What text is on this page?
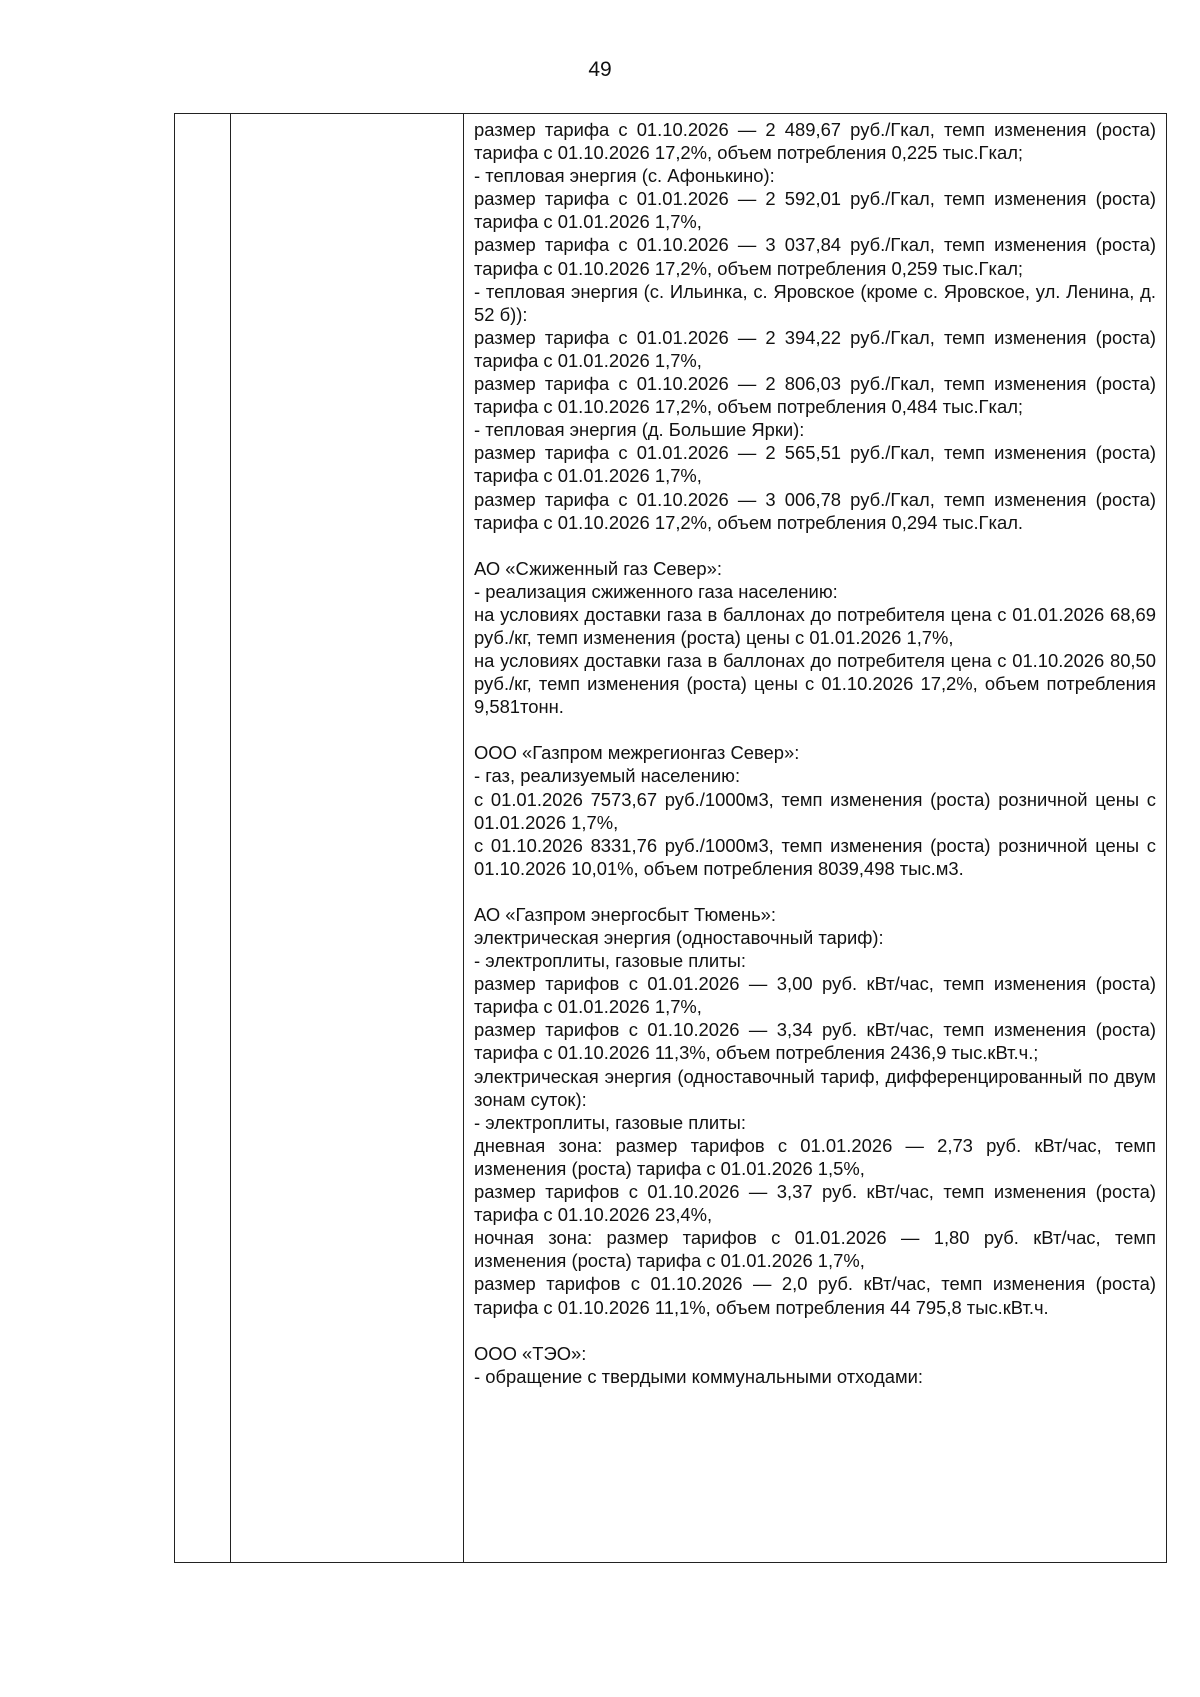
49

размер тарифа с 01.10.2026 — 2 489,67 руб./Гкал, темп изменения (роста) тарифа с 01.10.2026 17,2%, объем потребления 0,225 тыс.Гкал;
- тепловая энергия (с. Афонькино):
размер тарифа с 01.01.2026 — 2 592,01 руб./Гкал, темп изменения (роста) тарифа с 01.01.2026 1,7%,
размер тарифа с 01.10.2026 — 3 037,84 руб./Гкал, темп изменения (роста) тарифа с 01.10.2026 17,2%, объем потребления 0,259 тыс.Гкал;
- тепловая энергия (с. Ильинка, с. Яровское (кроме с. Яровское, ул. Ленина, д. 52 б)):
размер тарифа с 01.01.2026 — 2 394,22 руб./Гкал, темп изменения (роста) тарифа с 01.01.2026 1,7%,
размер тарифа с 01.10.2026 — 2 806,03 руб./Гкал, темп изменения (роста) тарифа с 01.10.2026 17,2%, объем потребления 0,484 тыс.Гкал;
- тепловая энергия (д. Большие Ярки):
размер тарифа с 01.01.2026 — 2 565,51 руб./Гкал, темп изменения (роста) тарифа с 01.01.2026 1,7%,
размер тарифа с 01.10.2026 — 3 006,78 руб./Гкал, темп изменения (роста) тарифа с 01.10.2026 17,2%, объем потребления 0,294 тыс.Гкал.
АО «Сжиженный газ Север»:
- реализация сжиженного газа населению:
на условиях доставки газа в баллонах до потребителя цена с 01.01.2026 68,69 руб./кг, темп изменения (роста) цены с 01.01.2026 1,7%,
на условиях доставки газа в баллонах до потребителя цена с 01.10.2026 80,50 руб./кг, темп изменения (роста) цены с 01.10.2026 17,2%, объем потребления 9,581тонн.
ООО «Газпром межрегионгаз Север»:
- газ, реализуемый населению:
с 01.01.2026 7573,67 руб./1000м3, темп изменения (роста) розничной цены с 01.01.2026 1,7%,
с 01.10.2026 8331,76 руб./1000м3, темп изменения (роста) розничной цены с 01.10.2026 10,01%, объем потребления 8039,498 тыс.м3.
АО «Газпром энергосбыт Тюмень»:
электрическая энергия (одноставочный тариф):
- электроплиты, газовые плиты:
размер тарифов с 01.01.2026 — 3,00 руб. кВт/час, темп изменения (роста) тарифа с 01.01.2026 1,7%,
размер тарифов с 01.10.2026 — 3,34 руб. кВт/час, темп изменения (роста) тарифа с 01.10.2026 11,3%, объем потребления 2436,9 тыс.кВт.ч.;
электрическая энергия (одноставочный тариф, дифференцированный по двум зонам суток):
- электроплиты, газовые плиты:
дневная зона: размер тарифов с 01.01.2026 — 2,73 руб. кВт/час, темп изменения (роста) тарифа с 01.01.2026 1,5%,
размер тарифов с 01.10.2026 — 3,37 руб. кВт/час, темп изменения (роста) тарифа с 01.10.2026 23,4%,
ночная зона: размер тарифов с 01.01.2026 — 1,80 руб. кВт/час, темп изменения (роста) тарифа с 01.01.2026 1,7%,
размер тарифов с 01.10.2026 — 2,0 руб. кВт/час, темп изменения (роста) тарифа с 01.10.2026 11,1%, объем потребления 44 795,8 тыс.кВт.ч.
ООО «ТЭО»:
- обращение с твердыми коммунальными отходами:
